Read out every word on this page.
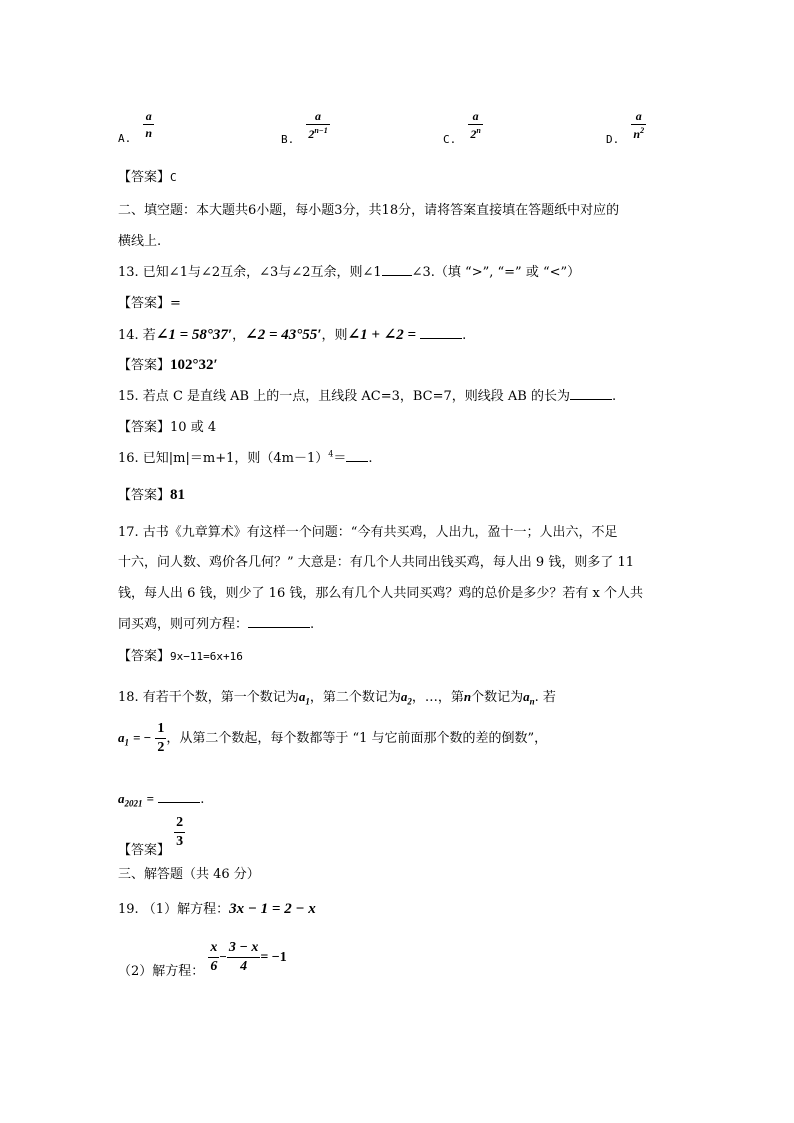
$_{A.} \frac{a}{n}$	$_{B.} \frac{a}{2^{n-1}}$	$_{C.} \frac{a}{2^n}$	$_{D.} \frac{a}{n^2}$
【答案】C
二、填空题：本大题共6小题，每小题3分，共18分，请将答案直接填在答题纸中对应的
横线上.
13. 已知∠1与∠2互余，∠3与∠2互余，则∠1 ∠3.（填 “>”, “=” 或 “<”）
【答案】=
14. 若∠1 = 58°37′，∠2 = 43°55′，则∠1 + ∠2 =	.
【答案】102°32′
15. 若点 C 是直线 AB 上的一点，且线段 AC=3，BC=7，则线段 AB 的长为	.
【答案】10 或 4
16. 已知|m|＝m+1，则$(4m-1)^4=$ .
【答案】81
17. 古书《九章算术》有这样一个问题：“今有共买鸡，人出九，盈十一；人出六，不足
十六，问人数、鸡价各几何？” 大意是：有几个人共同出钱买鸡，每人出 9 钱，则多了 11
钱，每人出 6 钱，则少了 16 钱，那么有几个人共同买鸡？鸡的总价是多少？若有 x 个人共
同买鸡，则可列方程：	.
【答案】9x−11=6x+16
18. 有若干个数，第一个数记为$a_1$，第二个数记为$a_2$，…，第n个数记为$a_n$. 若
$a_1$ = − $\frac{1}{2}$ ，从第二个数起，每个数都等于 “1 与它前面那个数的差的倒数”，
$a_{2021}$ =	.
【答案】
$\frac{2}{3}$
三、解答题（共 46 分）
19. （1）解方程：3x − 1 = 2 − x
（2）解方程： $\frac{x}{6} - \frac{3 - x}{4} = -1$
